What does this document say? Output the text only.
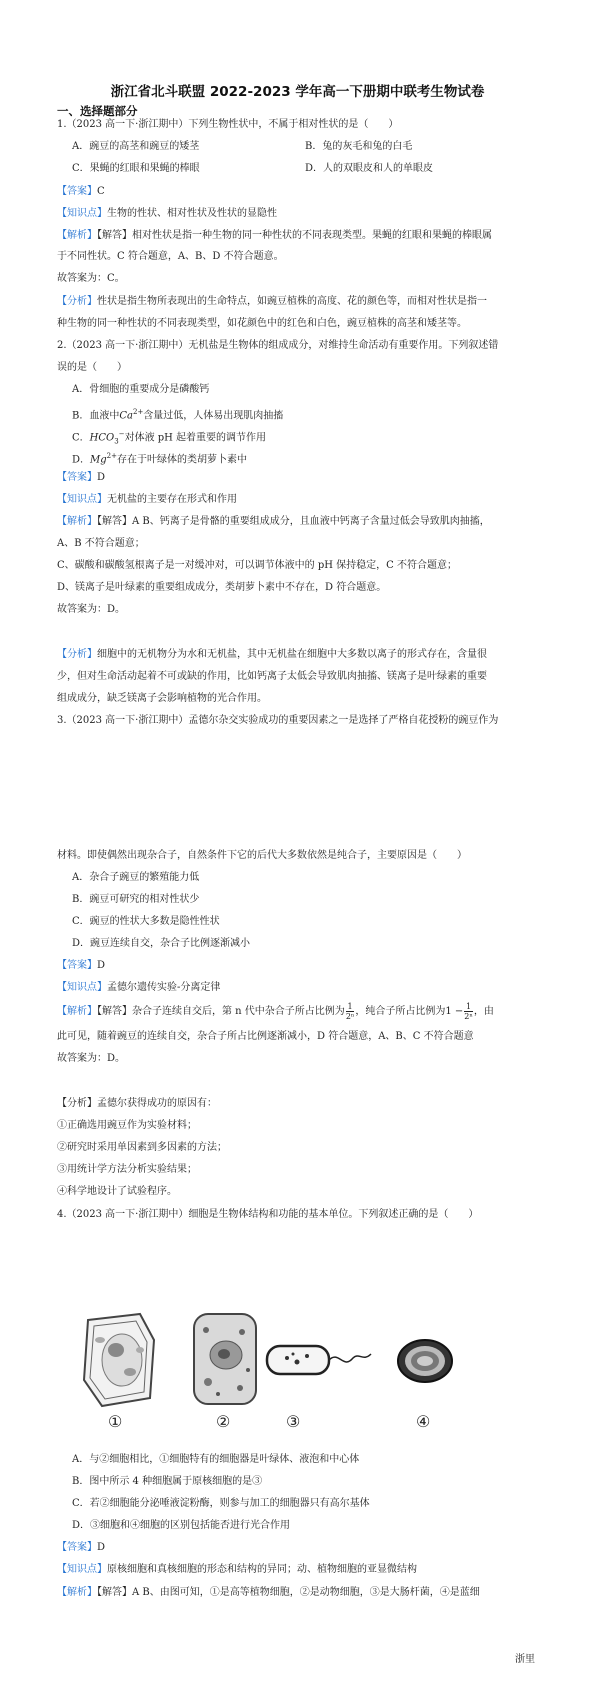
浙江省北斗联盟 2022-2023 学年高一下册期中联考生物试卷
一、选择题部分
1.（2023 高一下·浙江期中）下列生物性状中，不属于相对性状的是（　　）
A．豌豆的高茎和豌豆的矮茎	B．兔的灰毛和兔的白毛
C．果蝇的红眼和果蝇的棒眼	D．人的双眼皮和人的单眼皮
【答案】C
【知识点】生物的性状、相对性状及性状的显隐性
【解析】【解答】相对性状是指一种生物的同一种性状的不同表现类型。果蝇的红眼和果蝇的棒眼属
于不同性状。C 符合题意，A、B、D 不符合题意。
故答案为：C。
【分析】性状是指生物所表现出的生命特点，如豌豆植株的高度、花的颜色等，而相对性状是指一
种生物的同一种性状的不同表现类型，如花颜色中的红色和白色，豌豆植株的高茎和矮茎等。
2.（2023 高一下·浙江期中）无机盐是生物体的组成成分，对维持生命活动有重要作用。下列叙述错
误的是（　　）
A．骨细胞的重要成分是磷酸钙
B．血液中$Ca^{2+}$含量过低，人体易出现肌肉抽搐
C．$HCO_3^-$对体液 pH 起着重要的调节作用
D．$Mg^{2+}$存在于叶绿体的类胡萝卜素中
【答案】D
【知识点】无机盐的主要存在形式和作用
【解析】【解答】A B、钙离子是骨骼的重要组成成分，且血液中钙离子含量过低会导致肌肉抽搐，
A、B 不符合题意；
C、碳酸和碳酸氢根离子是一对缓冲对，可以调节体液中的 pH 保持稳定，C 不符合题意；
D、镁离子是叶绿素的重要组成成分，类胡萝卜素中不存在，D 符合题意。
故答案为：D。
【分析】细胞中的无机物分为水和无机盐，其中无机盐在细胞中大多数以离子的形式存在，含量很
少，但对生命活动起着不可或缺的作用，比如钙离子太低会导致肌肉抽搐、镁离子是叶绿素的重要
组成成分，缺乏镁离子会影响植物的光合作用。
3.（2023 高一下·浙江期中）孟德尔杂交实验成功的重要因素之一是选择了严格自花授粉的豌豆作为
材料。即使偶然出现杂合子，自然条件下它的后代大多数依然是纯合子，主要原因是（　　）
A．杂合子豌豆的繁殖能力低
B．豌豆可研究的相对性状少
C．豌豆的性状大多数是隐性性状
D．豌豆连续自交，杂合子比例逐渐减小
【答案】D
【知识点】孟德尔遗传实验-分离定律
【解析】【解答】杂合子连续自交后，第 n 代中杂合子所占比例为 $\frac{1}{\text{2ⁿ}}$ ，纯合子所占比例为$1 - \frac{1}{\text{2ⁿ}}$ ，由
此可见，随着豌豆的连续自交，杂合子所占比例逐渐减小，D 符合题意，A、B、C 不符合题意
故答案为：D。
【分析】孟德尔获得成功的原因有：
①正确选用豌豆作为实验材料；
②研究时采用单因素到多因素的方法；
③用统计学方法分析实验结果；
④科学地设计了试验程序。
4.（2023 高一下·浙江期中）细胞是生物体结构和功能的基本单位。下列叙述正确的是（　　）
①	②	③	④
A．与②细胞相比，①细胞特有的细胞器是叶绿体、液泡和中心体
B．图中所示 4 种细胞属于原核细胞的是③
C．若②细胞能分泌唾液淀粉酶，则参与加工的细胞器只有高尔基体
D．③细胞和④细胞的区别包括能否进行光合作用
【答案】D
【知识点】原核细胞和真核细胞的形态和结构的异同；动、植物细胞的亚显微结构
【解析】【解答】A B、由图可知，①是高等植物细胞，②是动物细胞，③是大肠杆菌，④是蓝细
浙里
